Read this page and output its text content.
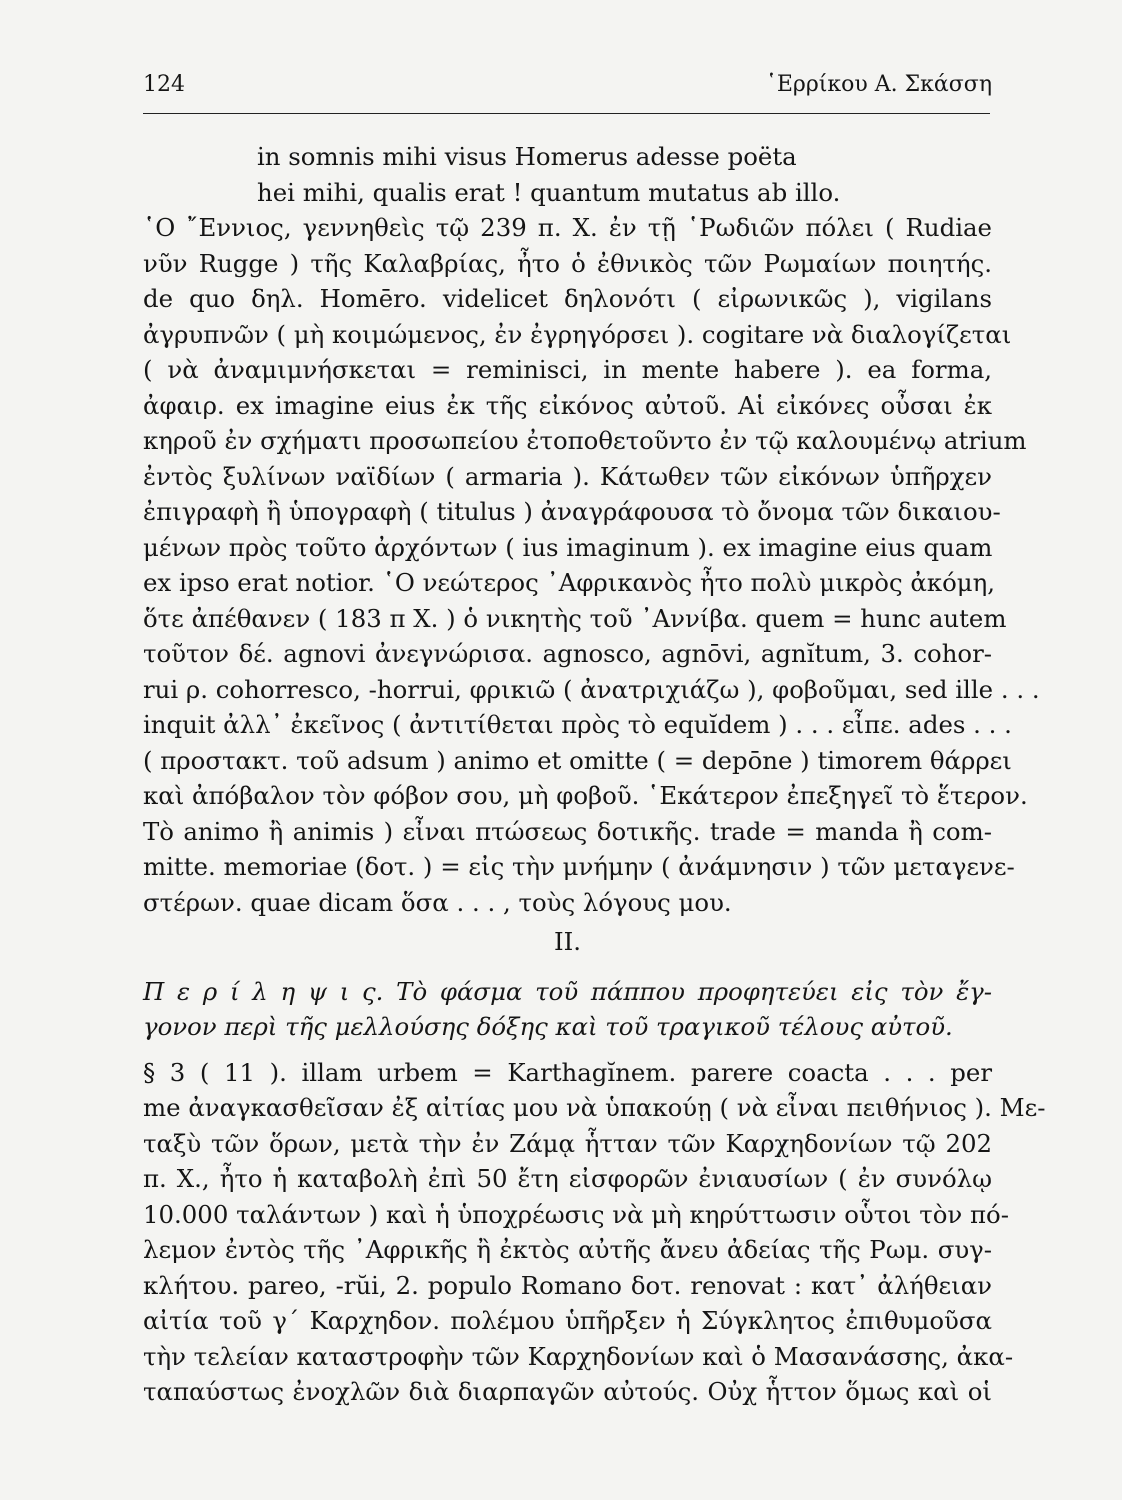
124	῾Ερρίκου Α. Σκάσση
in somnis mihi visus Homerus adesse poëta
hei mihi, qualis erat ! quantum mutatus ab illo.
῾Ο ῎Εννιος, γεννηθεὶς τῷ 239 π. Χ. ἐν τῇ ῾Ρωδιῶν πόλει ( Rudiae
νῦν Rugge ) τῆς Καλαβρίας, ἦτο ὁ ἐθνικὸς τῶν Ρωμαίων ποιητής.
de quo δηλ. Homēro. videlicet δηλονότι ( εἰρωνικῶς ), vigilans
ἀγρυπνῶν ( μὴ κοιμώμενος, ἐν ἐγρηγόρσει ). cogitare νὰ διαλογίζεται
( νὰ ἀναμιμνήσκεται = reminisci, in mente habere ). ea forma,
ἀφαιρ. ex imagine eius ἐκ τῆς εἰκόνος αὐτοῦ. Αἱ εἰκόνες οὖσαι ἐκ
κηροῦ ἐν σχήματι προσωπείου ἐτοποθετοῦντο ἐν τῷ καλουμένῳ atrium
ἐντὸς ξυλίνων ναϊδίων ( armaria ). Κάτωθεν τῶν εἰκόνων ὑπῆρχεν
ἐπιγραφὴ ἢ ὑπογραφὴ ( titulus ) ἀναγράφουσα τὸ ὄνομα τῶν δικαιου-
μένων πρὸς τοῦτο ἀρχόντων ( ius imaginum ). ex imagine eius quam
ex ipso erat notior. ῾Ο νεώτερος ᾿Αφρικανὸς ἦτο πολὺ μικρὸς ἀκόμη,
ὅτε ἀπέθανεν ( 183 π Χ. ) ὁ νικητὴς τοῦ ᾿Αννίβα. quem = hunc autem
τοῦτον δέ. agnovi ἀνεγνώρισα. agnosco, agnōvi, agnĭtum, 3. cohor-
rui ρ. cohorresco, -horrui, φρικιῶ ( ἀνατριχιάζω ), φοβοῦμαι, sed ille . . .
inquit ἀλλ᾿ ἐκεῖνος ( ἀντιτίθεται πρὸς τὸ equĭdem ) . . . εἶπε. ades . . .
( προστακτ. τοῦ adsum ) animo et omitte ( = depōne ) timorem θάρρει
καὶ ἀπόβαλον τὸν φόβον σου, μὴ φοβοῦ. ῾Εκάτερον ἐπεξηγεῖ τὸ ἕτερον.
Τὸ animo ἢ animis ) εἶναι πτώσεως δοτικῆς. trade = manda ἢ com-
mitte. memoriae (δοτ. ) = εἰς τὴν μνήμην ( ἀνάμνησιν ) τῶν μεταγενε-
στέρων. quae dicam ὅσα . . . , τοὺς λόγους μου.
II.
Π ε ρ ί λ η ψ ι ς. Τὸ φάσμα τοῦ πάππου προφητεύει εἰς τὸν ἔγ-
γονον περὶ τῆς μελλούσης δόξης καὶ τοῦ τραγικοῦ τέλους αὐτοῦ.
§ 3 ( 11 ). illam urbem = Karthagĭnem. parere coacta . . . per
me ἀναγκασθεῖσαν ἐξ αἰτίας μου νὰ ὑπακούῃ ( νὰ εἶναι πειθήνιος ). Με-
ταξὺ τῶν ὅρων, μετὰ τὴν ἐν Ζάμᾳ ἧτταν τῶν Καρχηδονίων τῷ 202
π. Χ., ἦτο ἡ καταβολὴ ἐπὶ 50 ἔτη εἰσφορῶν ἐνιαυσίων ( ἐν συνόλῳ
10.000 ταλάντων ) καὶ ἡ ὑποχρέωσις νὰ μὴ κηρύττωσιν οὗτοι τὸν πό-
λεμον ἐντὸς τῆς ᾿Αφρικῆς ἢ ἐκτὸς αὐτῆς ἄνευ ἀδείας τῆς Ρωμ. συγ-
κλήτου. pareo, -rŭi, 2. populo Romano δοτ. renovat : κατ᾿ ἀλήθειαν
αἰτία τοῦ γ΄ Καρχηδον. πολέμου ὑπῆρξεν ἡ Σύγκλητος ἐπιθυμοῦσα
τὴν τελείαν καταστροφὴν τῶν Καρχηδονίων καὶ ὁ Μασανάσσης, ἀκα-
ταπαύστως ἐνοχλῶν διὰ διαρπαγῶν αὐτούς. Οὐχ ἧττον ὅμως καὶ οἱ
